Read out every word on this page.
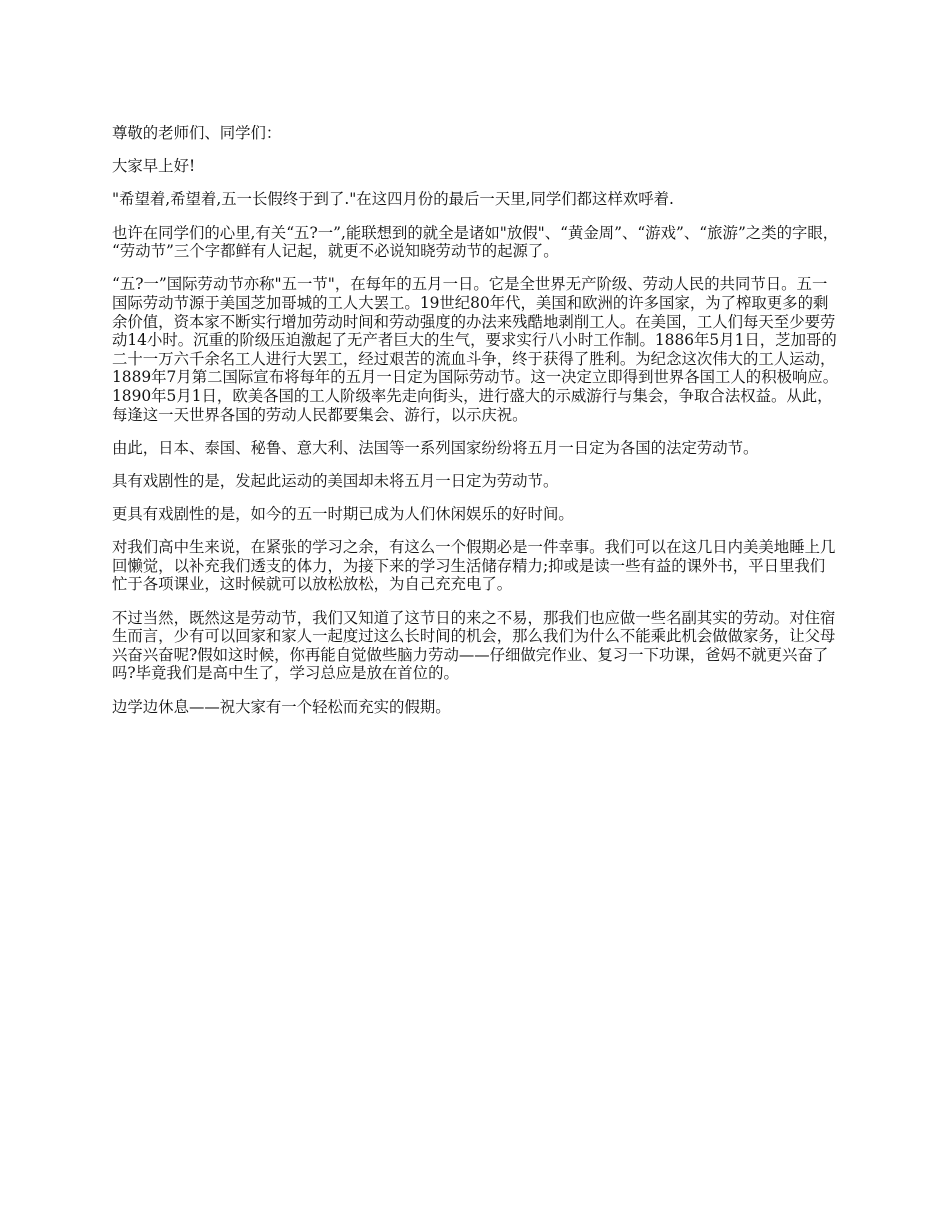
尊敬的老师们、同学们：

大家早上好!

"希望着,希望着,五一长假终于到了."在这四月份的最后一天里,同学们都这样欢呼着.

也许在同学们的心里,有关“五?一”,能联想到的就全是诸如"放假"、“黄金周”、“游戏”、“旅游”之类的字眼，“劳动节”三个字都鲜有人记起，就更不必说知晓劳动节的起源了。

“五?一”国际劳动节亦称"五一节"，在每年的五月一日。它是全世界无产阶级、劳动人民的共同节日。五一国际劳动节源于美国芝加哥城的工人大罢工。19世纪80年代，美国和欧洲的许多国家，为了榨取更多的剩余价值，资本家不断实行增加劳动时间和劳动强度的办法来残酷地剥削工人。在美国，工人们每天至少要劳动14小时。沉重的阶级压迫激起了无产者巨大的生气，要求实行八小时工作制。1886年5月1日，芝加哥的二十一万六千余名工人进行大罢工，经过艰苦的流血斗争，终于获得了胜利。为纪念这次伟大的工人运动，1889年7月第二国际宣布将每年的五月一日定为国际劳动节。这一决定立即得到世界各国工人的积极响应。1890年5月1日，欧美各国的工人阶级率先走向街头，进行盛大的示威游行与集会，争取合法权益。从此，每逢这一天世界各国的劳动人民都要集会、游行，以示庆祝。

由此，日本、泰国、秘鲁、意大利、法国等一系列国家纷纷将五月一日定为各国的法定劳动节。

具有戏剧性的是，发起此运动的美国却未将五月一日定为劳动节。

更具有戏剧性的是，如今的五一时期已成为人们休闲娱乐的好时间。

对我们高中生来说，在紧张的学习之余，有这么一个假期必是一件幸事。我们可以在这几日内美美地睡上几回懒觉，以补充我们透支的体力，为接下来的学习生活储存精力;抑或是读一些有益的课外书，平日里我们忙于各项课业，这时候就可以放松放松，为自己充充电了。

不过当然，既然这是劳动节，我们又知道了这节日的来之不易，那我们也应做一些名副其实的劳动。对住宿生而言，少有可以回家和家人一起度过这么长时间的机会，那么我们为什么不能乘此机会做做家务，让父母兴奋兴奋呢?假如这时候，你再能自觉做些脑力劳动——仔细做完作业、复习一下功课，爸妈不就更兴奋了吗?毕竟我们是高中生了，学习总应是放在首位的。

边学边休息——祝大家有一个轻松而充实的假期。
